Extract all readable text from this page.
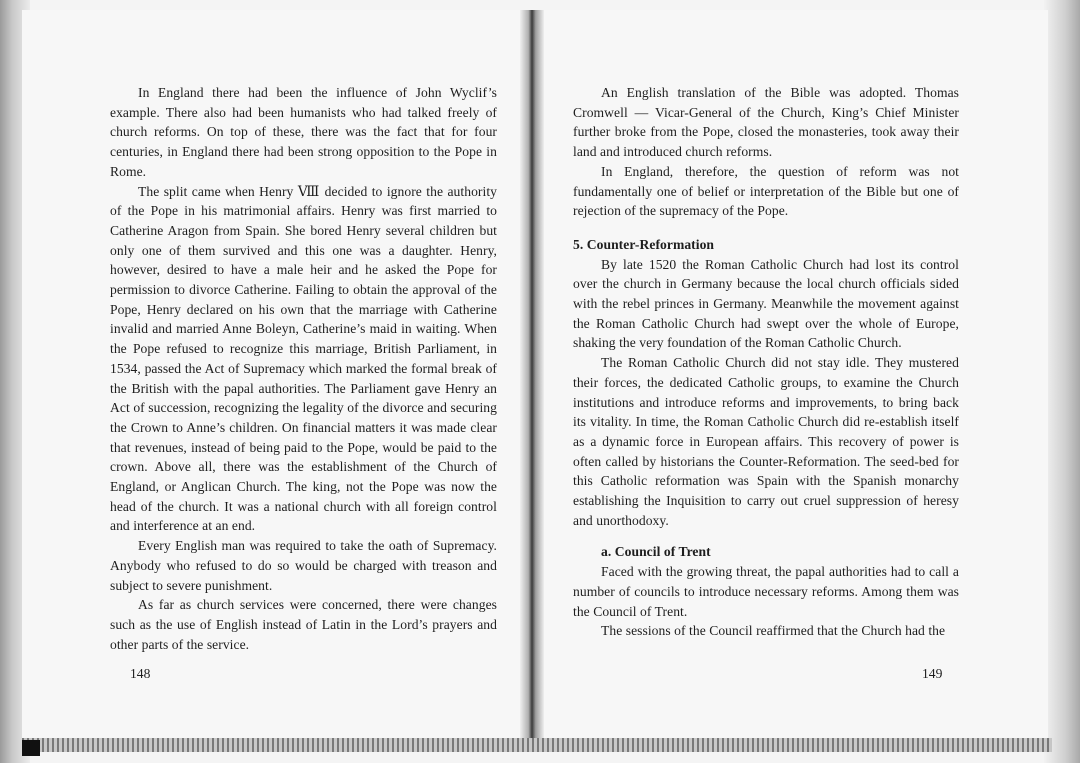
In England there had been the influence of John Wyclif’s example. There also had been humanists who had talked freely of church reforms. On top of these, there was the fact that for four centuries, in England there had been strong opposition to the Pope in Rome.

The split came when Henry Ⅷ decided to ignore the authority of the Pope in his matrimonial affairs. Henry was first married to Catherine Aragon from Spain. She bored Henry several children but only one of them survived and this one was a daughter. Henry, however, desired to have a male heir and he asked the Pope for permission to divorce Catherine. Failing to obtain the approval of the Pope, Henry declared on his own that the marriage with Catherine invalid and married Anne Boleyn, Catherine’s maid in waiting. When the Pope refused to recognize this marriage, British Parliament, in 1534, passed the Act of Supremacy which marked the formal break of the British with the papal authorities. The Parliament gave Henry an Act of succession, recognizing the legality of the divorce and securing the Crown to Anne’s children. On financial matters it was made clear that revenues, instead of being paid to the Pope, would be paid to the crown. Above all, there was the establishment of the Church of England, or Anglican Church. The king, not the Pope was now the head of the church. It was a national church with all foreign control and interference at an end.

Every English man was required to take the oath of Supremacy. Anybody who refused to do so would be charged with treason and subject to severe punishment.

As far as church services were concerned, there were changes such as the use of English instead of Latin in the Lord’s prayers and other parts of the service.

148

An English translation of the Bible was adopted. Thomas Cromwell — Vicar-General of the Church, King’s Chief Minister further broke from the Pope, closed the monasteries, took away their land and introduced church reforms.

In England, therefore, the question of reform was not fundamentally one of belief or interpretation of the Bible but one of rejection of the supremacy of the Pope.

5. Counter-Reformation

By late 1520 the Roman Catholic Church had lost its control over the church in Germany because the local church officials sided with the rebel princes in Germany. Meanwhile the movement against the Roman Catholic Church had swept over the whole of Europe, shaking the very foundation of the Roman Catholic Church.

The Roman Catholic Church did not stay idle. They mustered their forces, the dedicated Catholic groups, to examine the Church institutions and introduce reforms and improvements, to bring back its vitality. In time, the Roman Catholic Church did re-establish itself as a dynamic force in European affairs. This recovery of power is often called by historians the Counter-Reformation. The seed-bed for this Catholic reformation was Spain with the Spanish monarchy establishing the Inquisition to carry out cruel suppression of heresy and unorthodoxy.

a. Council of Trent

Faced with the growing threat, the papal authorities had to call a number of councils to introduce necessary reforms. Among them was the Council of Trent.

The sessions of the Council reaffirmed that the Church had the

149
